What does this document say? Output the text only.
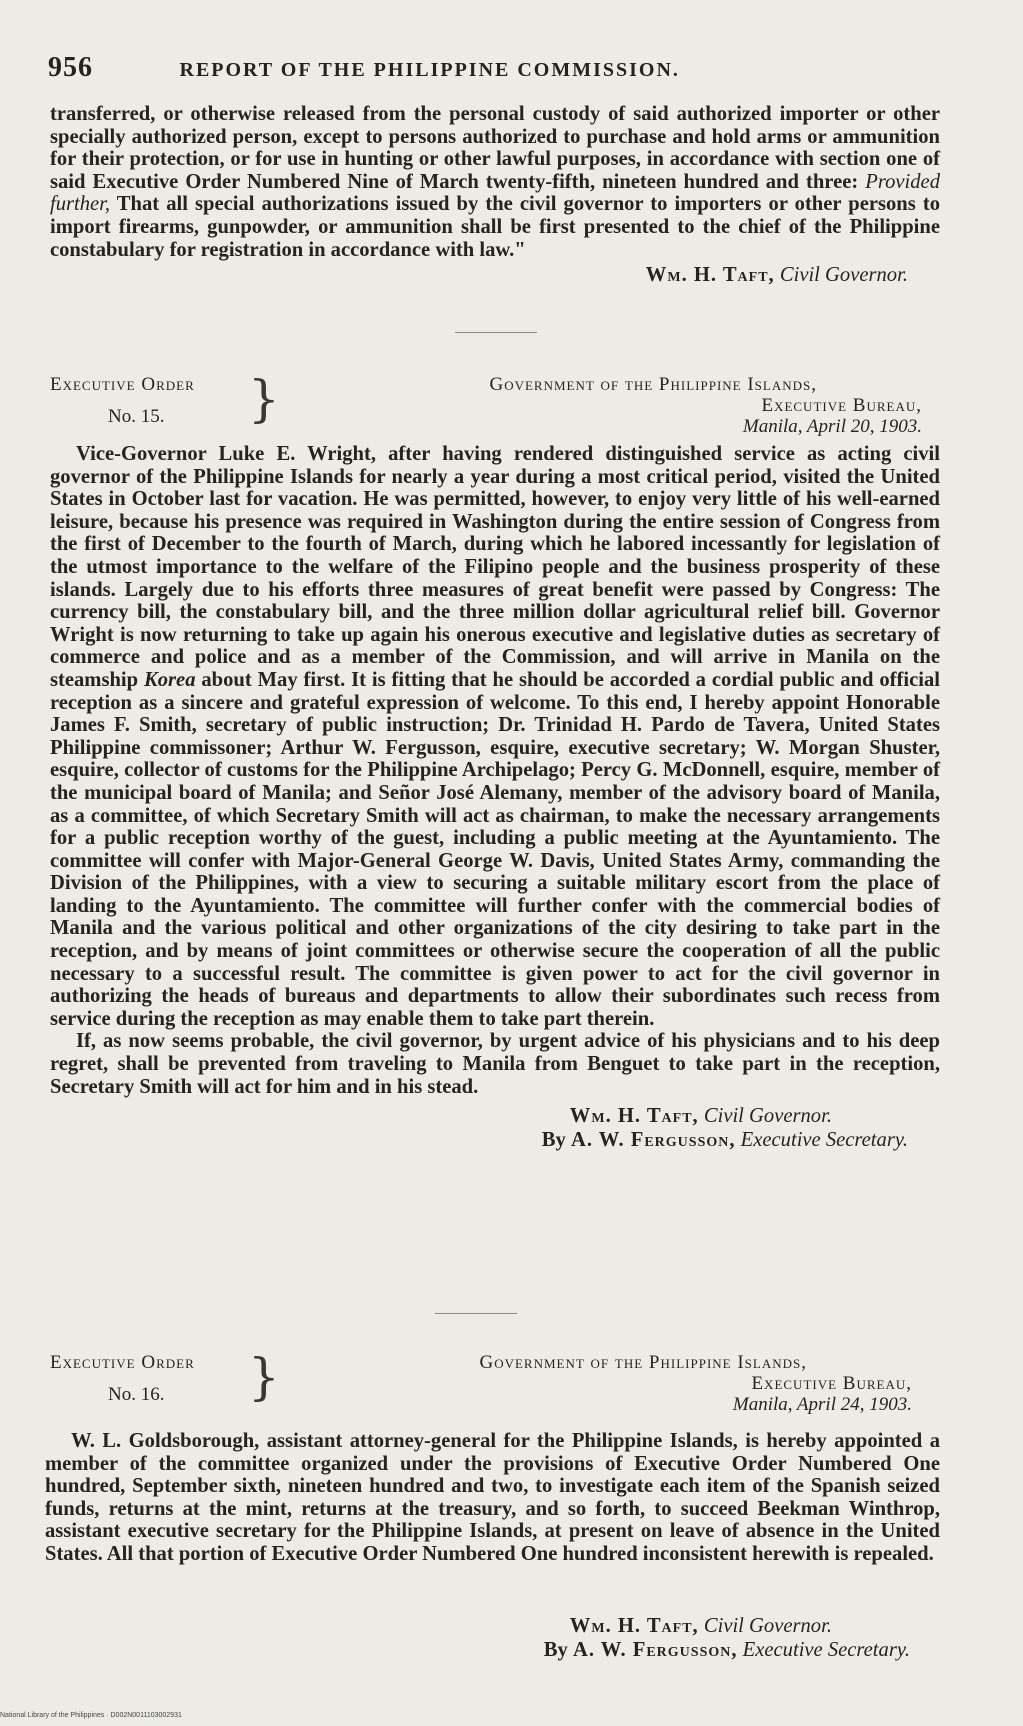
956	REPORT OF THE PHILIPPINE COMMISSION.

transferred, or otherwise released from the personal custody of said authorized importer or other specially authorized person, except to persons authorized to purchase and hold arms or ammunition for their protection, or for use in hunting or other lawful purposes, in accordance with section one of said Executive Order Numbered Nine of March twenty-fifth, nineteen hundred and three: Provided further, That all special authorizations issued by the civil governor to importers or other persons to import firearms, gunpowder, or ammunition shall be first presented to the chief of the Philippine constabulary for registration in accordance with law."

Wm. H. Taft, Civil Governor.
Executive Order
No. 15.	}	Government of the Philippine Islands,
Executive Bureau,
Manila, April 20, 1903.

Vice-Governor Luke E. Wright, after having rendered distinguished service as acting civil governor of the Philippine Islands for nearly a year during a most critical period, visited the United States in October last for vacation. He was permitted, however, to enjoy very little of his well-earned leisure, because his presence was required in Washington during the entire session of Congress from the first of December to the fourth of March, during which he labored incessantly for legislation of the utmost importance to the welfare of the Filipino people and the business prosperity of these islands. Largely due to his efforts three measures of great benefit were passed by Congress: The currency bill, the constabulary bill, and the three million dollar agricultural relief bill. Governor Wright is now returning to take up again his onerous executive and legislative duties as secretary of commerce and police and as a member of the Commission, and will arrive in Manila on the steamship Korea about May first. It is fitting that he should be accorded a cordial public and official reception as a sincere and grateful expression of welcome. To this end, I hereby appoint Honorable James F. Smith, secretary of public instruction; Dr. Trinidad H. Pardo de Tavera, United States Philippine commissoner; Arthur W. Fergusson, esquire, executive secretary; W. Morgan Shuster, esquire, collector of customs for the Philippine Archipelago; Percy G. McDonnell, esquire, member of the municipal board of Manila; and Señor José Alemany, member of the advisory board of Manila, as a committee, of which Secretary Smith will act as chairman, to make the necessary arrangements for a public reception worthy of the guest, including a public meeting at the Ayuntamiento. The committee will confer with Major-General George W. Davis, United States Army, commanding the Division of the Philippines, with a view to securing a suitable military escort from the place of landing to the Ayuntamiento. The committee will further confer with the commercial bodies of Manila and the various political and other organizations of the city desiring to take part in the reception, and by means of joint committees or otherwise secure the cooperation of all the public necessary to a successful result. The committee is given power to act for the civil governor in authorizing the heads of bureaus and departments to allow their subordinates such recess from service during the reception as may enable them to take part therein.

If, as now seems probable, the civil governor, by urgent advice of his physicians and to his deep regret, shall be prevented from traveling to Manila from Benguet to take part in the reception, Secretary Smith will act for him and in his stead.

Wm. H. Taft, Civil Governor.
By A. W. Fergusson, Executive Secretary.
Executive Order
No. 16.	}	Government of the Philippine Islands,
Executive Bureau,
Manila, April 24, 1903.

W. L. Goldsborough, assistant attorney-general for the Philippine Islands, is hereby appointed a member of the committee organized under the provisions of Executive Order Numbered One hundred, September sixth, nineteen hundred and two, to investigate each item of the Spanish seized funds, returns at the mint, returns at the treasury, and so forth, to succeed Beekman Winthrop, assistant executive secretary for the Philippine Islands, at present on leave of absence in the United States. All that portion of Executive Order Numbered One hundred inconsistent herewith is repealed.

Wm. H. Taft, Civil Governor.
By A. W. Fergusson, Executive Secretary.
National Library of the Philippines · D002N0011103002931
